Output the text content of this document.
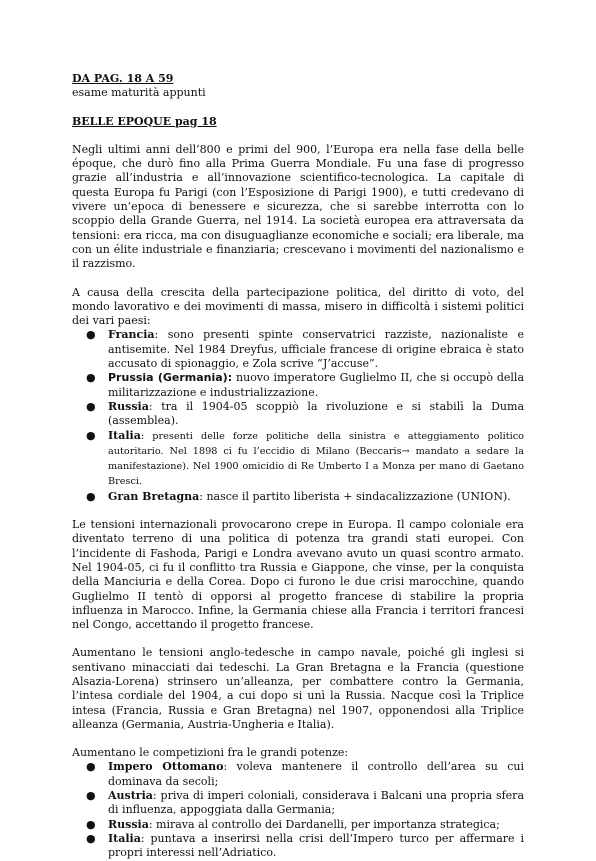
DA PAG. 18 A 59
esame maturità appunti
BELLE EPOQUE pag 18

Negli ultimi anni dell’800 e primi del 900, l’Europa era nella fase della belle époque, che durò fino alla Prima Guerra Mondiale. Fu una fase di progresso grazie all’industria e all’innovazione scientifico-tecnologica. La capitale di questa Europa fu Parigi (con l’Esposizione di Parigi 1900), e tutti credevano di vivere un’epoca di benessere e sicurezza, che si sarebbe interrotta con lo scoppio della Grande Guerra, nel 1914. La società europea era attraversata da tensioni: era ricca, ma con disuguaglianze economiche e sociali; era liberale, ma con un élite industriale e finanziaria; crescevano i movimenti del nazionalismo e il razzismo.

A causa della crescita della partecipazione politica, del diritto di voto, del mondo lavorativo e dei movimenti di massa, misero in difficoltà i sistemi politici dei vari paesi:

● Francia: sono presenti spinte conservatrici razziste, nazionaliste e antisemite. Nel 1984 Dreyfus, ufficiale francese di origine ebraica è stato accusato di spionaggio, e Zola scrive “J’accuse”.
● Prussia (Germania): nuovo imperatore Guglielmo II, che si occupò della militarizzazione e industrializzazione.
● Russia: tra il 1904-05 scoppiò la rivoluzione e si stabilì la Duma (assemblea).
● Italia: presenti delle forze politiche della sinistra e atteggiamento politico autoritario. Nel 1898 ci fu l’eccidio di Milano (Beccaris→ mandato a sedare la manifestazione). Nel 1900 omicidio di Re Umberto I a Monza per mano di Gaetano Bresci.
● Gran Bretagna: nasce il partito liberista + sindacalizzazione (UNION).

Le tensioni internazionali provocarono crepe in Europa. Il campo coloniale era diventato terreno di una politica di potenza tra grandi stati europei. Con l’incidente di Fashoda, Parigi e Londra avevano avuto un quasi scontro armato. Nel 1904-05, ci fu il conflitto tra Russia e Giappone, che vinse, per la conquista della Manciuria e della Corea. Dopo ci furono le due crisi marocchine, quando Guglielmo II tentò di opporsi al progetto francese di stabilire la propria influenza in Marocco. Infine, la Germania chiese alla Francia i territori francesi nel Congo, accettando il progetto francese.

Aumentano le tensioni anglo-tedesche in campo navale, poiché gli inglesi si sentivano minacciati dai tedeschi. La Gran Bretagna e la Francia (questione Alsazia-Lorena) strinsero un’alleanza, per combattere contro la Germania, l’intesa cordiale del 1904, a cui dopo si unì la Russia. Nacque così la Triplice intesa (Francia, Russia e Gran Bretagna) nel 1907, opponendosi alla Triplice alleanza (Germania, Austria-Ungheria e Italia).

Aumentano le competizioni fra le grandi potenze:

● Impero Ottomano: voleva mantenere il controllo dell’area su cui dominava da secoli;
● Austria: priva di imperi coloniali, considerava i Balcani una propria sfera di influenza, appoggiata dalla Germania;
● Russia: mirava al controllo dei Dardanelli, per importanza strategica;
● Italia: puntava a inserirsi nella crisi dell’Impero turco per affermare i propri interessi nell’Adriatico.
